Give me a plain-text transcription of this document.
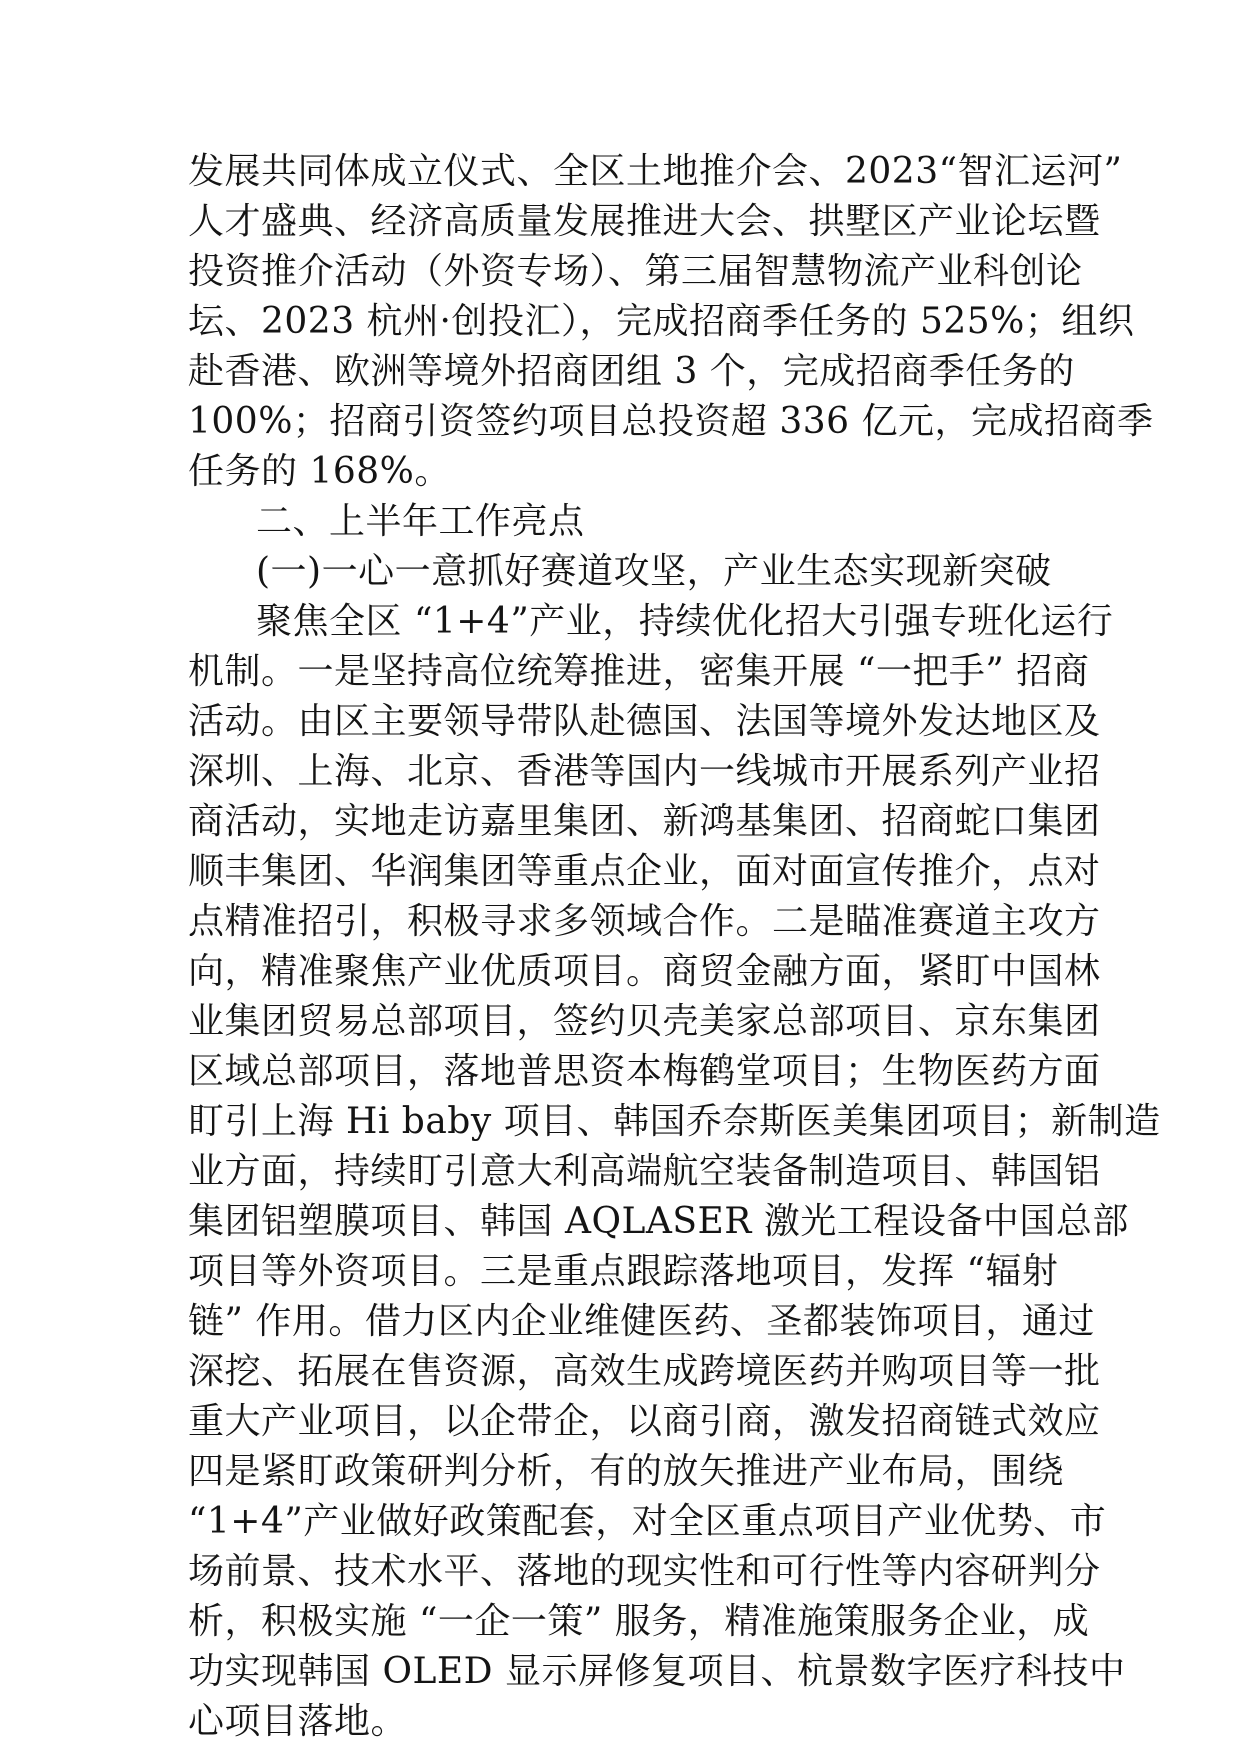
发展共同体成立仪式、全区土地推介会、2023“智汇运河”
人才盛典、经济高质量发展推进大会、拱墅区产业论坛暨
投资推介活动（外资专场）、第三届智慧物流产业科创论
坛、2023 杭州·创投汇），完成招商季任务的 525%；组织
赴香港、欧洲等境外招商团组 3 个，完成招商季任务的
100%；招商引资签约项目总投资超 336 亿元，完成招商季
任务的 168%。
二、上半年工作亮点
(一)一心一意抓好赛道攻坚，产业生态实现新突破
聚焦全区 “1+4”产业，持续优化招大引强专班化运行
机制。一是坚持高位统筹推进，密集开展 “一把手” 招商
活动。由区主要领导带队赴德国、法国等境外发达地区及
深圳、上海、北京、香港等国内一线城市开展系列产业招
商活动，实地走访嘉里集团、新鸿基集团、招商蛇口集团
顺丰集团、华润集团等重点企业，面对面宣传推介，点对
点精准招引，积极寻求多领域合作。二是瞄准赛道主攻方
向，精准聚焦产业优质项目。商贸金融方面，紧盯中国林
业集团贸易总部项目，签约贝壳美家总部项目、京东集团
区域总部项目，落地普思资本梅鹤堂项目；生物医药方面
盯引上海 Hi baby 项目、韩国乔奈斯医美集团项目；新制造
业方面，持续盯引意大利高端航空装备制造项目、韩国铝
集团铝塑膜项目、韩国 AQLASER 激光工程设备中国总部
项目等外资项目。三是重点跟踪落地项目，发挥 “辐射
链” 作用。借力区内企业维健医药、圣都装饰项目，通过
深挖、拓展在售资源，高效生成跨境医药并购项目等一批
重大产业项目，以企带企，以商引商，激发招商链式效应
四是紧盯政策研判分析，有的放矢推进产业布局，围绕
“1+4”产业做好政策配套，对全区重点项目产业优势、市
场前景、技术水平、落地的现实性和可行性等内容研判分
析，积极实施 “一企一策” 服务，精准施策服务企业，成
功实现韩国 OLED 显示屏修复项目、杭景数字医疗科技中
心项目落地。
